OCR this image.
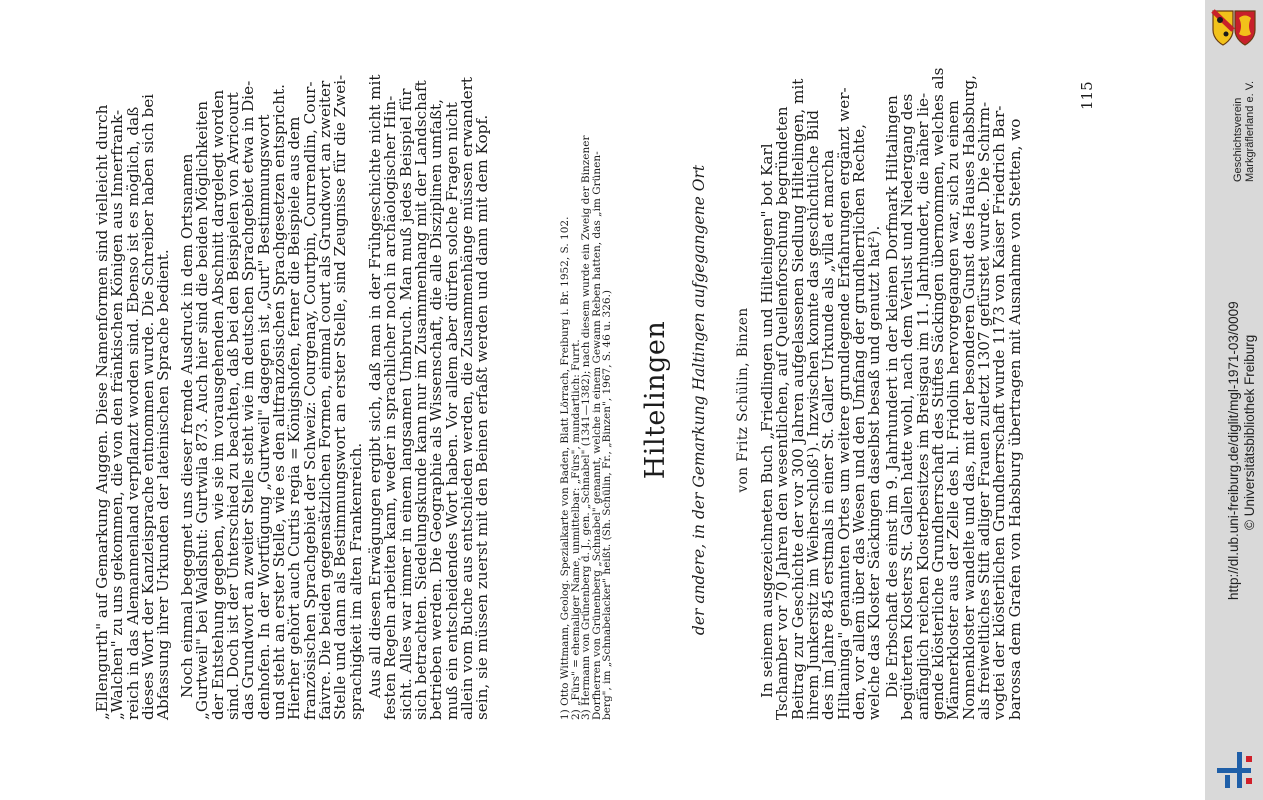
„Ellengurth" auf Gemarkung Auggen. Diese Namenformen sind vielleicht durch
„Walchen" zu uns gekommen, die von den fränkischen Königen aus Innerfrank-
reich in das Alemannenland verpflanzt worden sind. Ebenso ist es möglich, daß
dieses Wort der Kanzleisprache entnommen wurde. Die Schreiber haben sich bei
Abfassung ihrer Urkunden der lateinischen Sprache bedient. Noch einmal begegnet uns dieser fremde Ausdruck in dem Ortsnamen
„Gurtweil" bei Waldshut: Gurtwila 873. Auch hier sind die beiden Möglichkeiten
der Entstehung gegeben, wie sie im vorausgehenden Abschnitt dargelegt worden
sind. Doch ist der Unterschied zu beachten, daß bei den Beispielen von Avricourt
das Grundwort an zweiter Stelle steht wie im deutschen Sprachgebiet etwa in Die-
denhofen. In der Wortfügung „Gurtweil" dagegen ist „Gurt" Bestimmungswort
und steht an erster Stelle, wie es den altfranzösischen Sprachgesetzen entspricht.
Hierher gehört auch Curtis regia = Königshofen, ferner die Beispiele aus dem
französischen Sprachgebiet der Schweiz: Courgenay, Courtpin, Courrendlin, Cour-
faivre. Die beiden gegensätzlichen Formen, einmal court als Grundwort an zweiter
Stelle und dann als Bestimmungswort an erster Stelle, sind Zeugnisse für die Zwei-
sprachigkeit im alten Frankenreich. Aus all diesen Erwägungen ergibt sich, daß man in der Frühgeschichte nicht mit
festen Regeln arbeiten kann, weder in sprachlicher noch in archäologischer Hin-
sicht. Alles war immer in einem langsamen Umbruch. Man muß jedes Beispiel für
sich betrachten. Siedelungskunde kann nur im Zusammenhang mit der Landschaft
betrieben werden. Die Geographie als Wissenschaft, die alle Disziplinen umfaßt,
muß ein entscheidendes Wort haben. Vor allem aber dürfen solche Fragen nicht
allein vom Buche aus entschieden werden, die Zusammenhänge müssen erwandert
sein, sie müssen zuerst mit den Beinen erfaßt werden und dann mit dem Kopf.	1) Otto Wittmann, Geolog. Spezialkarte von Baden, Blatt Lörrach, Freiburg i. Br. 1952, S. 102.
2) „Fürs" = ehemaliger Name, unmittelbar: „Fürs", mundartlich: Furrt.
3) Hermann von Grünenberg d. J., gen. „Schnabel" (1341—1382); nach diesem wurde ein Zweig der Binzener
Dorfherren von Grünenberg „Schnabel" genannt, welche in einem Gewann Reben hatten, das „im Grünen-
berg", im „Schnabelacker" heißt. (Sh. Schülin, Fr., „Binzen", 1967, S. 46 u. 326.) Hiltelingen der andere, in der Gemarkung Haltingen aufgegangene Ort von Fritz Schülin, Binzen In seinem ausgezeichneten Buch „Friedlingen und Hiltelingen" bot Karl
Tschamber vor 70 Jahren den wesentlichen, auf Quellenforschung begründeten
Beitrag zur Geschichte der vor 300 Jahren aufgelassenen Siedlung Hiltelingen, mit
ihrem Junkersitz im Weiherschloß¹). Inzwischen konnte das geschichtliche Bild
des im Jahre 845 erstmals in einer St. Galler Urkunde als „villa et marcha
Hiltaninga" genannten Ortes um weitere grundlegende Erfahrungen ergänzt wer-
den, vor allem über das Wesen und den Umfang der grundherrlichen Rechte,
welche das Kloster Säckingen daselbst besaß und genutzt hat²). Die Erbschaft des einst im 9. Jahrhundert in der kleinen Dorfmark Hiltalingen
begüterten Klosters St. Gallen hatte wohl, nach dem Verlust und Niedergang des
anfänglich reichen Klosterbesitzes im Breisgau im 11. Jahrhundert, die näher lie-
gende klösterliche Grundherrschaft des Stiftes Säckingen übernommen, welches als
Männerkloster aus der Zelle des hl. Fridolin hervorgegangen war, sich zu einem
Nonnenkloster wandelte und das, mit der besonderen Gunst des Hauses Habsburg,
als freiweltliches Stift adliger Frauen zuletzt 1307 gefürstet wurde. Die Schirm-
vogtei der klösterlichen Grundherrschaft wurde 1173 von Kaiser Friedrich Bar-
barossa dem Grafen von Habsburg übertragen mit Ausnahme von Stetten, wo
115
Geschichtsverein Markgräflerland e. V.
http://dl.ub.uni-freiburg.de/diglit/mgl-1971-03/0009 © Universitätsbibliothek Freiburg
